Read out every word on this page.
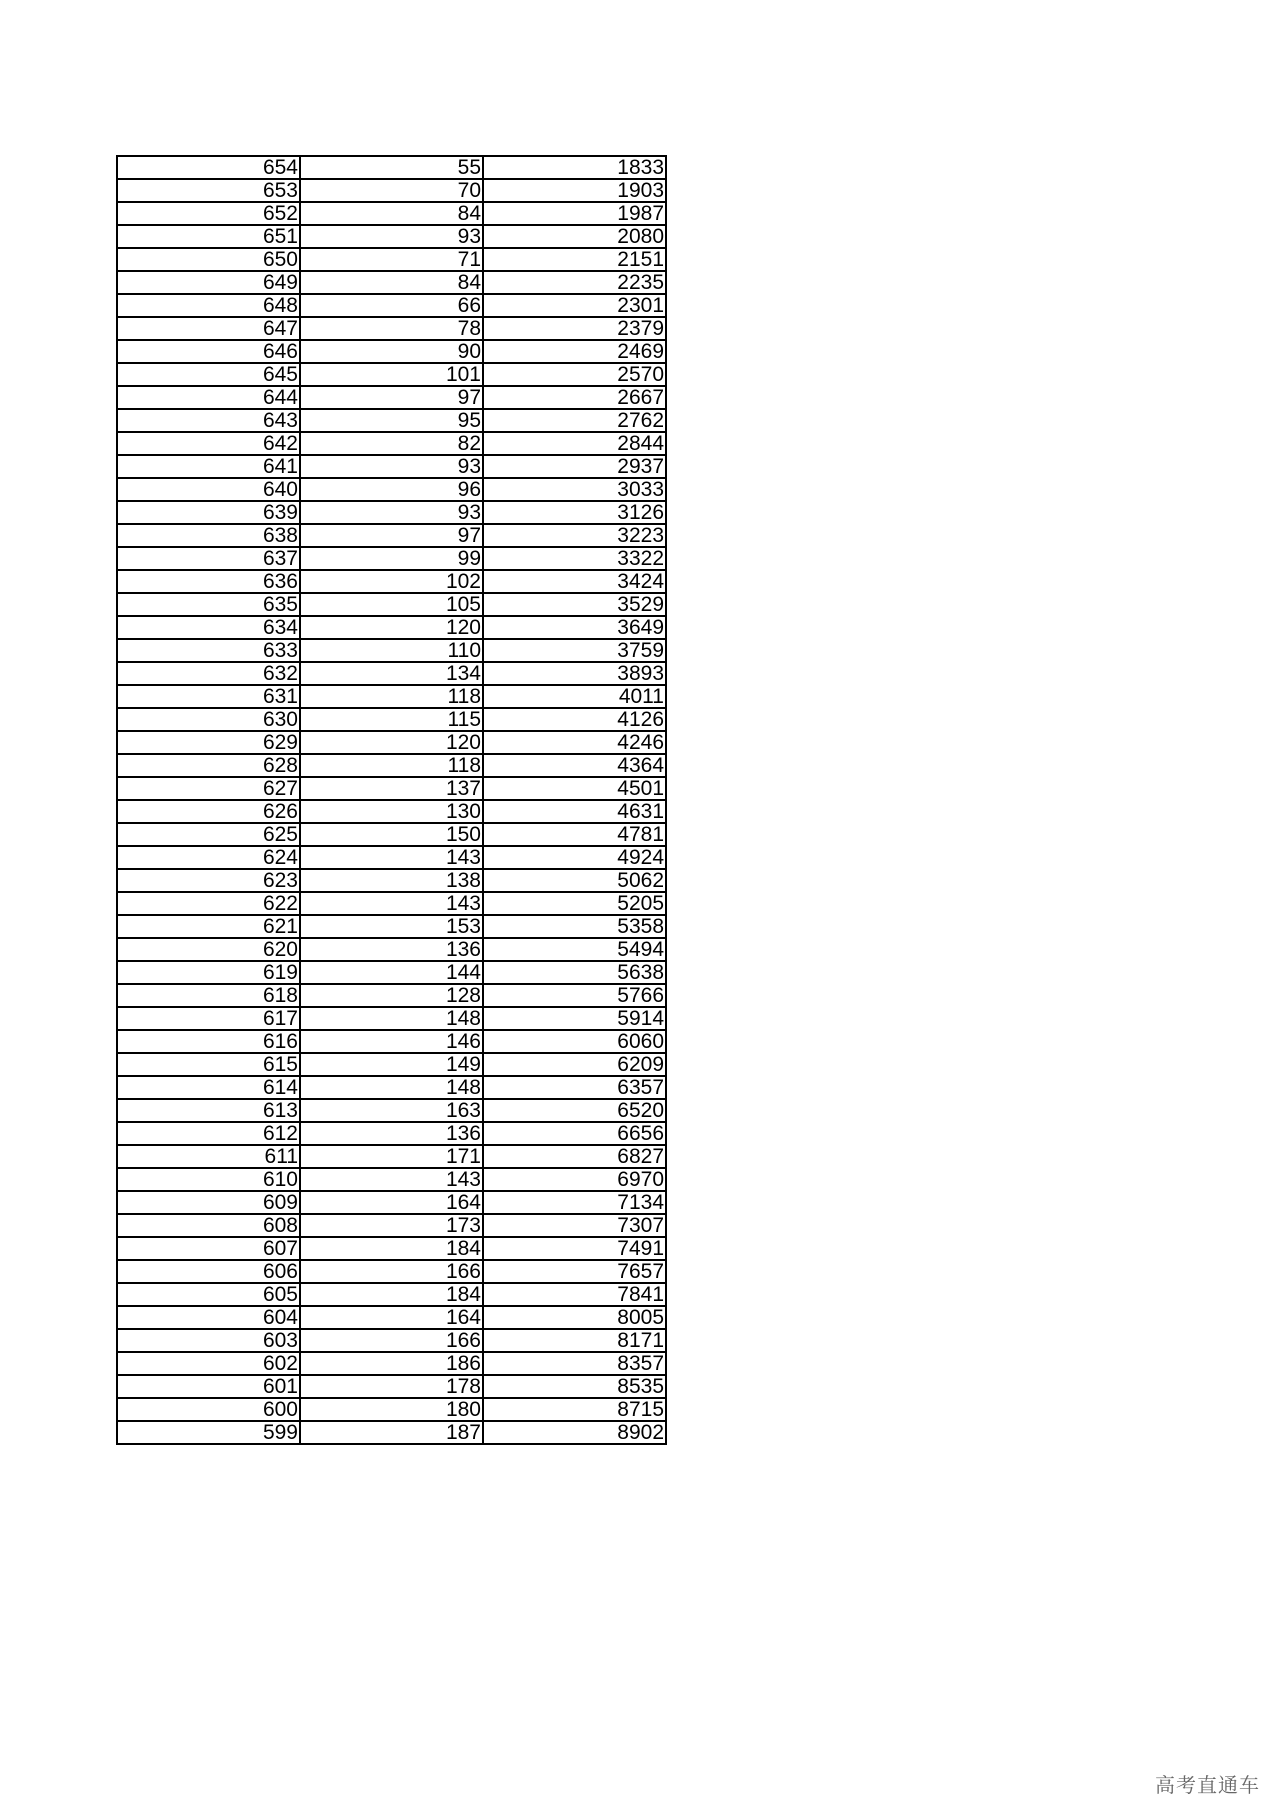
654	55	1833
653	70	1903
652	84	1987
651	93	2080
650	71	2151
649	84	2235
648	66	2301
647	78	2379
646	90	2469
645	101	2570
644	97	2667
643	95	2762
642	82	2844
641	93	2937
640	96	3033
639	93	3126
638	97	3223
637	99	3322
636	102	3424
635	105	3529
634	120	3649
633	110	3759
632	134	3893
631	118	4011
630	115	4126
629	120	4246
628	118	4364
627	137	4501
626	130	4631
625	150	4781
624	143	4924
623	138	5062
622	143	5205
621	153	5358
620	136	5494
619	144	5638
618	128	5766
617	148	5914
616	146	6060
615	149	6209
614	148	6357
613	163	6520
612	136	6656
611	171	6827
610	143	6970
609	164	7134
608	173	7307
607	184	7491
606	166	7657
605	184	7841
604	164	8005
603	166	8171
602	186	8357
601	178	8535
600	180	8715
599	187	8902
高考直通车
